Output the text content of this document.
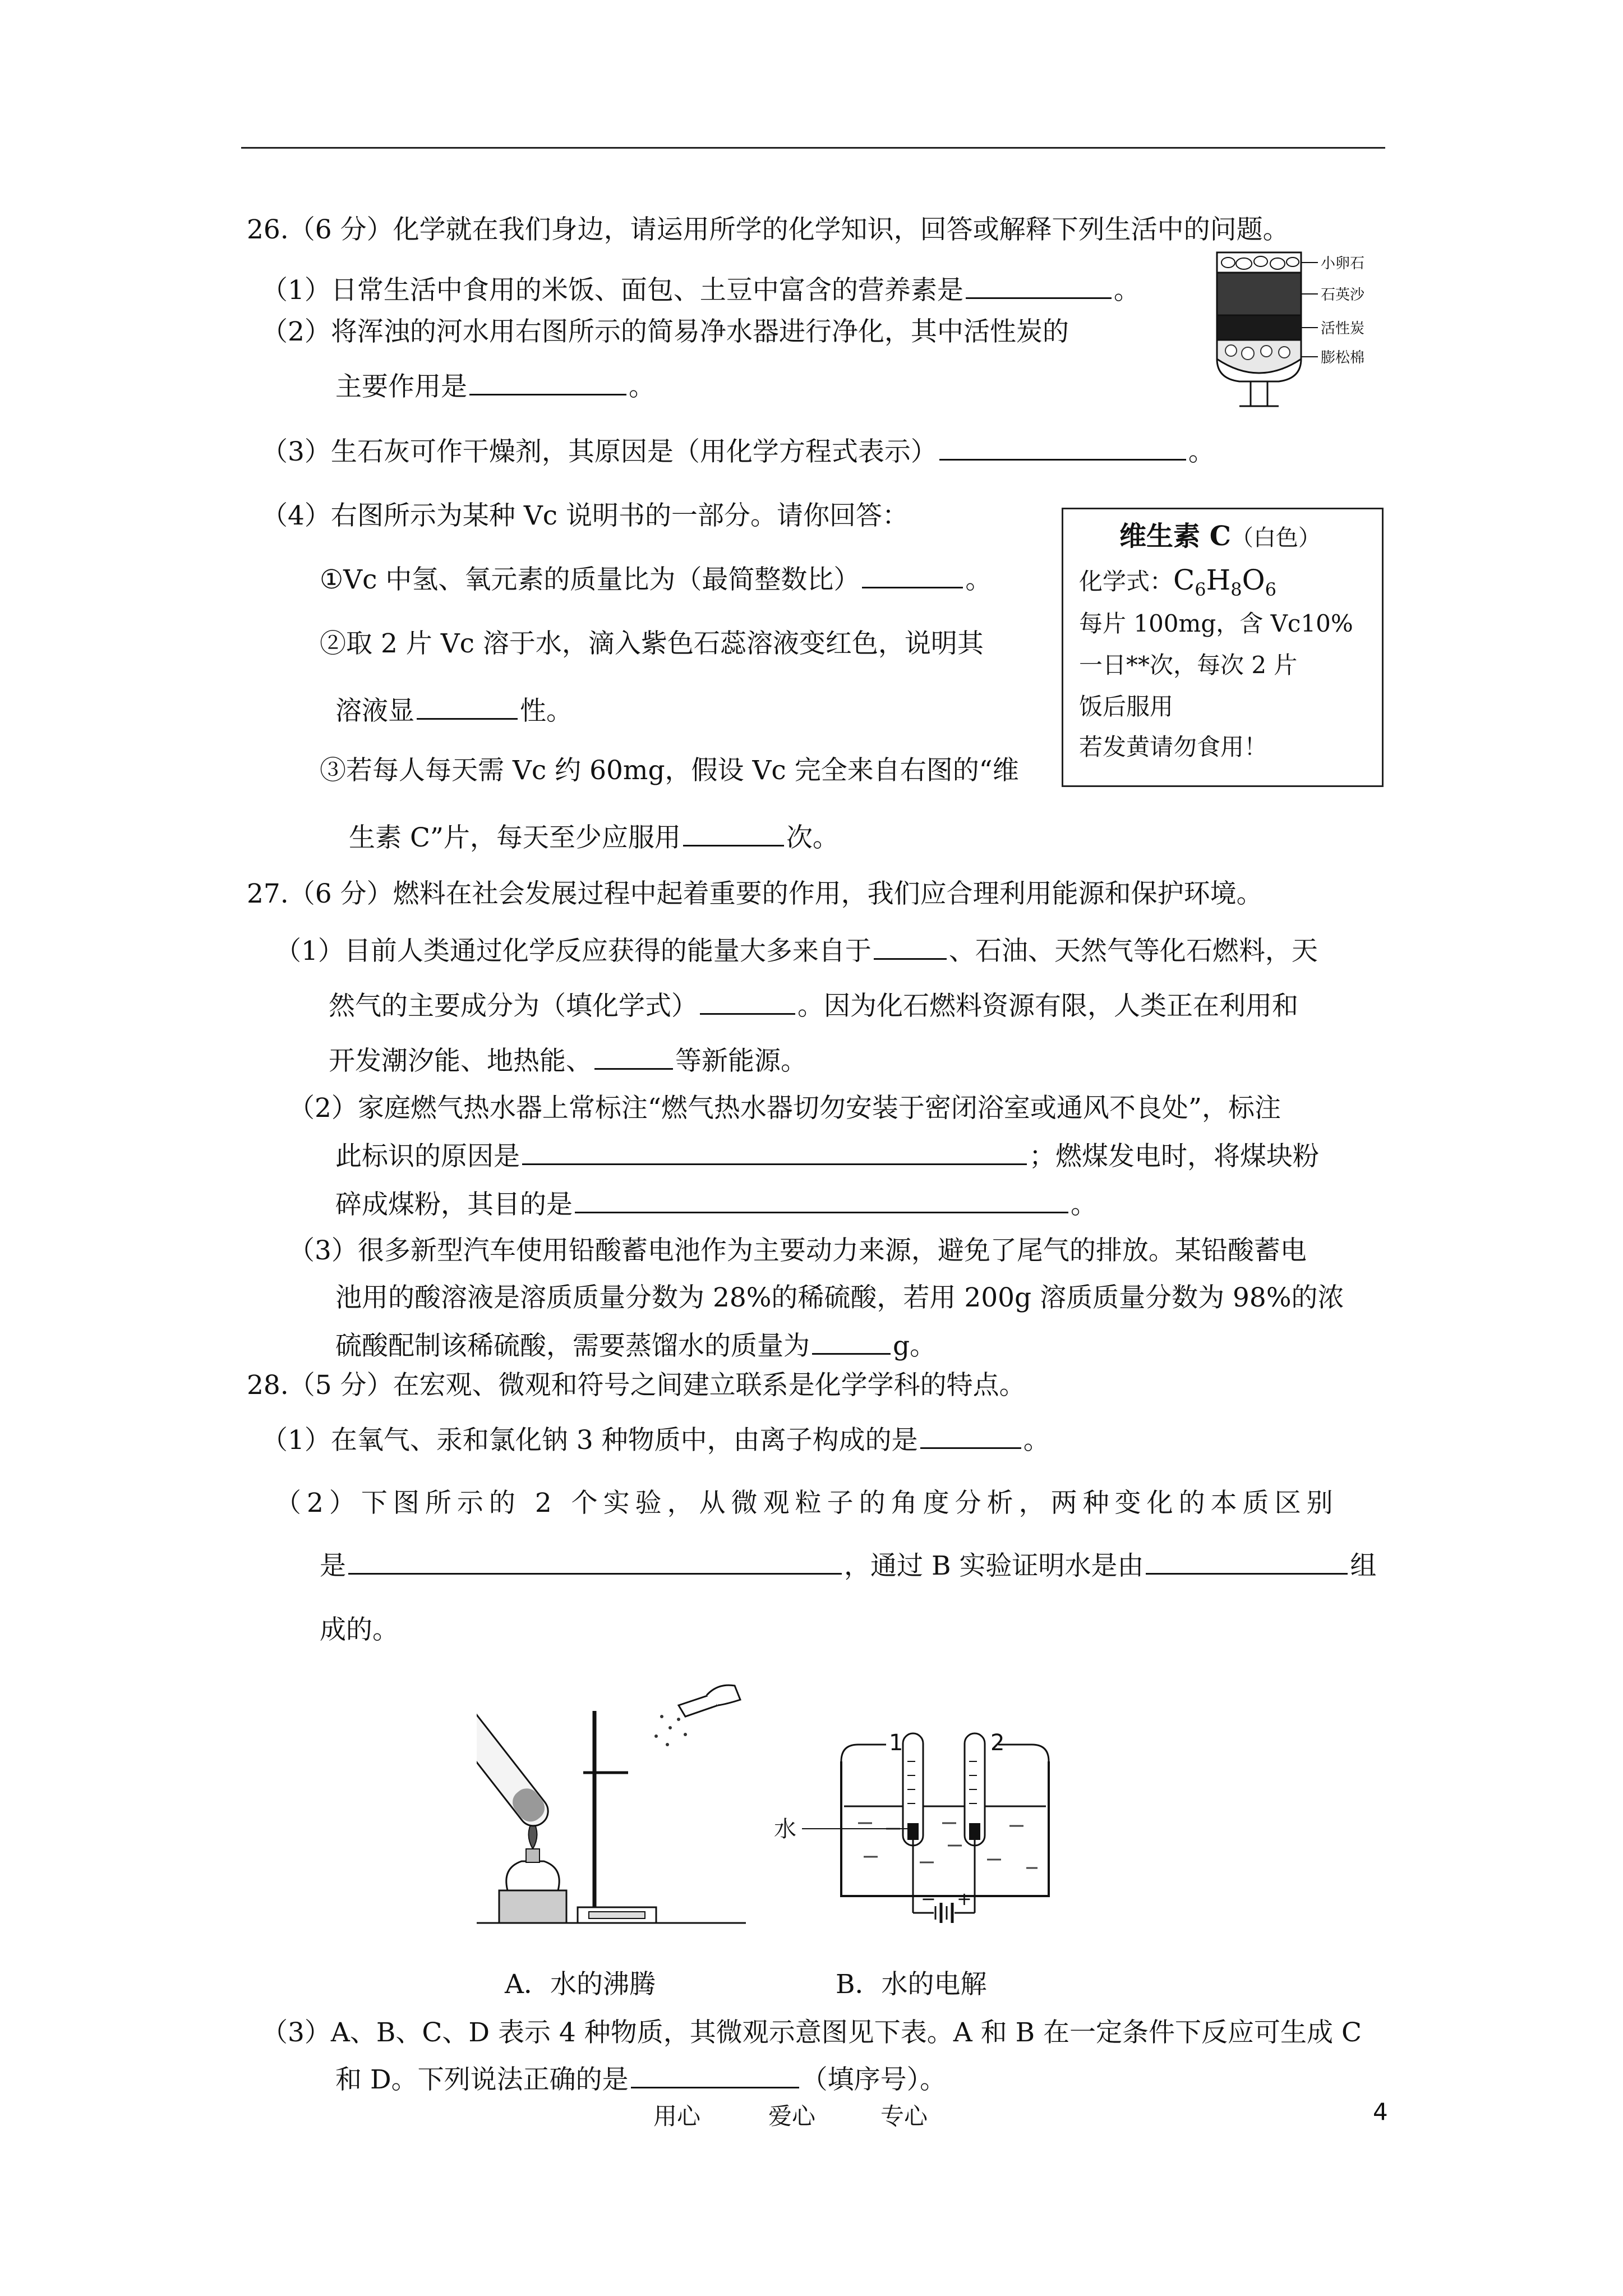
26.（6 分）化学就在我们身边，请运用所学的化学知识，回答或解释下列生活中的问题。
（1）日常生活中食用的米饭、面包、土豆中富含的营养素是	。
（2）将浑浊的河水用右图所示的简易净水器进行净化，其中活性炭的
主要作用是	。
（3）生石灰可作干燥剂，其原因是（用化学方程式表示）	。
（4）右图所示为某种 Vc 说明书的一部分。请你回答：
①Vc 中氢、氧元素的质量比为（最简整数比）	。
②取 2 片 Vc 溶于水，滴入紫色石蕊溶液变红色，说明其
溶液显	性。
③若每人每天需 Vc 约 60mg，假设 Vc 完全来自右图的“维
生素 C”片，每天至少应服用	次。
小卵石
石英沙
活性炭
膨松棉
维生素 C（白色）
化学式：$C_6H_8O_6$
每片 100mg，含 Vc10%
一日**次，每次 2 片
饭后服用
若发黄请勿食用！
27.（6 分）燃料在社会发展过程中起着重要的作用，我们应合理利用能源和保护环境。
（1）目前人类通过化学反应获得的能量大多来自于	、石油、天然气等化石燃料，天
然气的主要成分为（填化学式）	。因为化石燃料资源有限，人类正在利用和
开发潮汐能、地热能、	等新能源。
（2）家庭燃气热水器上常标注“燃气热水器切勿安装于密闭浴室或通风不良处”，标注
此标识的原因是	；燃煤发电时，将煤块粉
碎成煤粉，其目的是	。
（3）很多新型汽车使用铅酸蓄电池作为主要动力来源，避免了尾气的排放。某铅酸蓄电
池用的酸溶液是溶质质量分数为 28%的稀硫酸，若用 200g 溶质质量分数为 98%的浓
硫酸配制该稀硫酸，需要蒸馏水的质量为	g。
28.（5 分）在宏观、微观和符号之间建立联系是化学学科的特点。
（1）在氧气、汞和氯化钠 3 种物质中，由离子构成的是	。
（2）下图所示的 2 个实验，从微观粒子的角度分析，两种变化的本质区别
是	，通过 B 实验证明水是由	组
成的。
1	2
水
− +
A．水的沸腾	B．水的电解
（3）A、B、C、D 表示 4 种物质，其微观示意图见下表。A 和 B 在一定条件下反应可生成 C
和 D。下列说法正确的是	（填序号）。
用心	爱心	专心	4
